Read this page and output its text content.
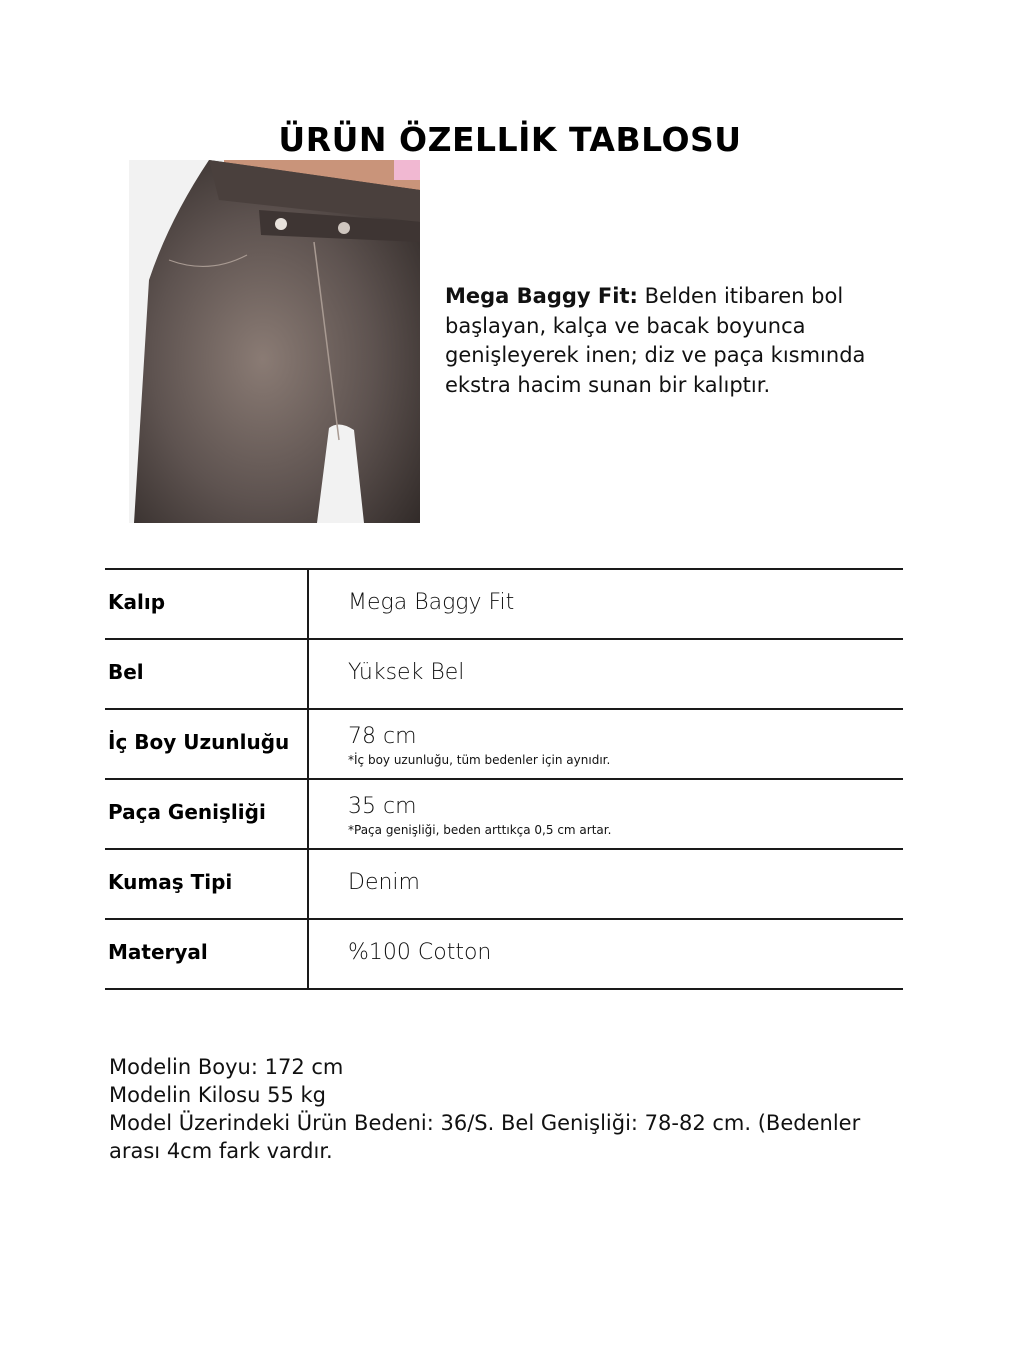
ÜRÜN ÖZELLİK TABLOSU
Mega Baggy Fit: Belden itibaren bol başlayan, kalça ve bacak boyunca genişleyerek inen; diz ve paça kısmında ekstra hacim sunan bir kalıptır.
Kalıp	Mega Baggy Fit
Bel	Yüksek Bel
İç Boy Uzunluğu	78 cm
*İç boy uzunluğu, tüm bedenler için aynıdır.
Paça Genişliği	35 cm
*Paça genişliği, beden arttıkça 0,5 cm artar.
Kumaş Tipi	Denim
Materyal	%100 Cotton
Modelin Boyu: 172 cm
Modelin Kilosu 55 kg
Model Üzerindeki Ürün Bedeni: 36/S. Bel Genişliği: 78-82 cm. (Bedenler arası 4cm fark vardır.
